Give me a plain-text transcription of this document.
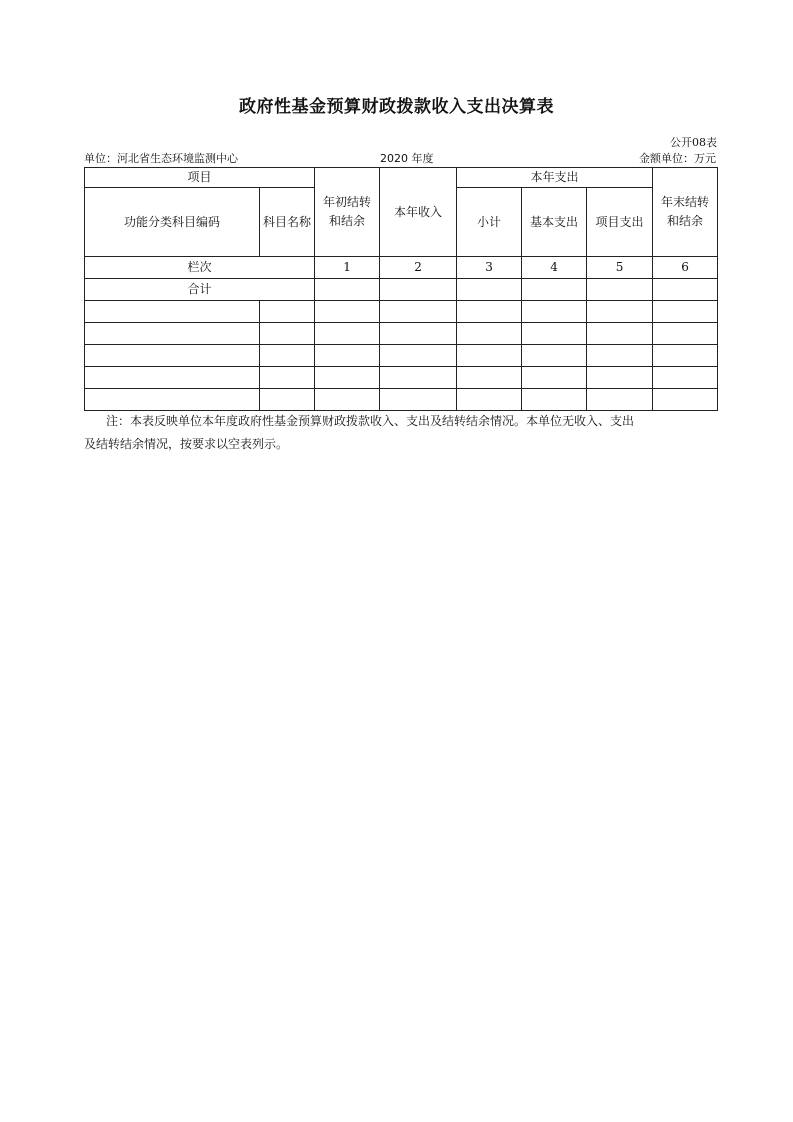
政府性基金预算财政拨款收入支出决算表
公开08表
单位：河北省生态环境监测中心	2020 年度	金额单位：万元
项目		年初结转和结余	本年收入	本年支出			年末结转和结余
功能分类科目编码	科目名称			小计	基本支出	项目支出	
栏次		1	2	3	4	5	6
合计							

注：本表反映单位本年度政府性基金预算财政拨款收入、支出及结转结余情况。本单位无收入、支出

及结转结余情况，按要求以空表列示。
